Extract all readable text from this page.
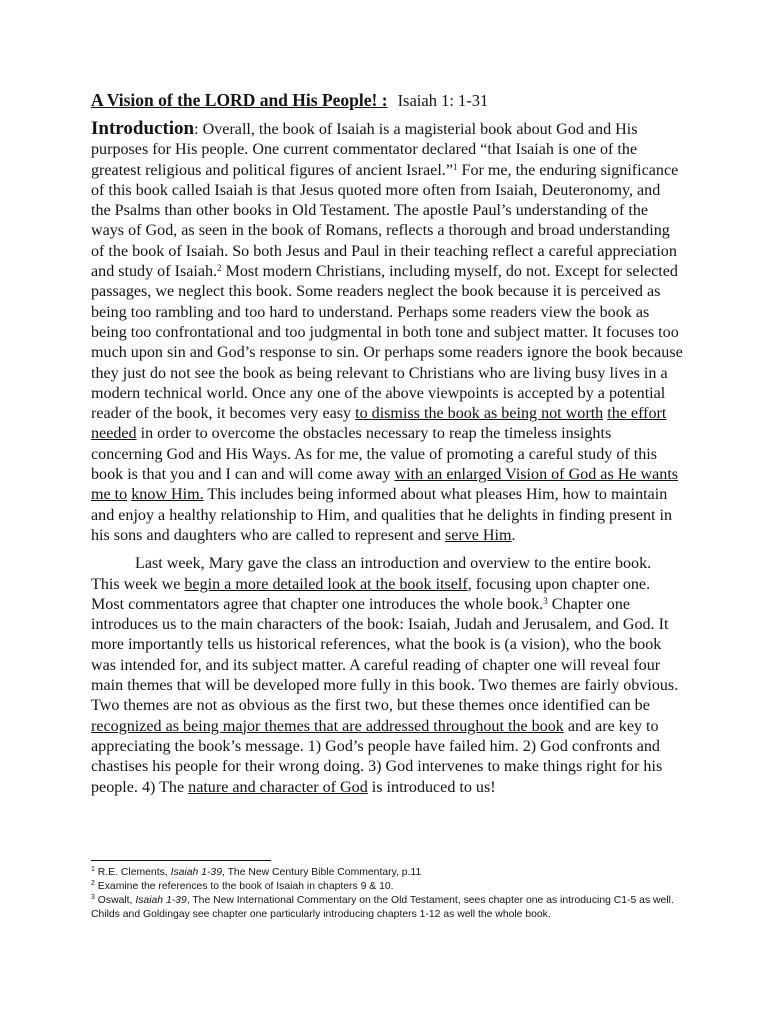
A Vision of the LORD and His People! : Isaiah 1: 1-31

Introduction: Overall, the book of Isaiah is a magisterial book about God and His purposes for His people. One current commentator declared “that Isaiah is one of the greatest religious and political figures of ancient Israel.”$^1$ For me, the enduring significance of this book called Isaiah is that Jesus quoted more often from Isaiah, Deuteronomy, and the Psalms than other books in Old Testament. The apostle Paul’s understanding of the ways of God, as seen in the book of Romans, reflects a thorough and broad understanding of the book of Isaiah. So both Jesus and Paul in their teaching reflect a careful appreciation and study of Isaiah.$^2$ Most modern Christians, including myself, do not. Except for selected passages, we neglect this book. Some readers neglect the book because it is perceived as being too rambling and too hard to understand. Perhaps some readers view the book as being too confrontational and too judgmental in both tone and subject matter. It focuses too much upon sin and God’s response to sin. Or perhaps some readers ignore the book because they just do not see the book as being relevant to Christians who are living busy lives in a modern technical world. Once any one of the above viewpoints is accepted by a potential reader of the book, it becomes very easy to dismiss the book as being not worth the effort needed in order to overcome the obstacles necessary to reap the timeless insights concerning God and His Ways. As for me, the value of promoting a careful study of this book is that you and I can and will come away with an enlarged Vision of God as He wants me to know Him. This includes being informed about what pleases Him, how to maintain and enjoy a healthy relationship to Him, and qualities that he delights in finding present in his sons and daughters who are called to represent and serve Him.

Last week, Mary gave the class an introduction and overview to the entire book. This week we begin a more detailed look at the book itself, focusing upon chapter one. Most commentators agree that chapter one introduces the whole book.$^3$ Chapter one introduces us to the main characters of the book: Isaiah, Judah and Jerusalem, and God. It more importantly tells us historical references, what the book is (a vision), who the book was intended for, and its subject matter. A careful reading of chapter one will reveal four main themes that will be developed more fully in this book. Two themes are fairly obvious. Two themes are not as obvious as the first two, but these themes once identified can be recognized as being major themes that are addressed throughout the book and are key to appreciating the book’s message. 1) God’s people have failed him. 2) God confronts and chastises his people for their wrong doing. 3) God intervenes to make things right for his people. 4) The nature and character of God is introduced to us!

$^1$ R.E. Clements, Isaiah 1-39, The New Century Bible Commentary, p.11

$^2$ Examine the references to the book of Isaiah in chapters 9 & 10.

$^3$ Oswalt, Isaiah 1-39, The New International Commentary on the Old Testament, sees chapter one as introducing C1-5 as well. Childs and Goldingay see chapter one particularly introducing chapters 1-12 as well the whole book.
